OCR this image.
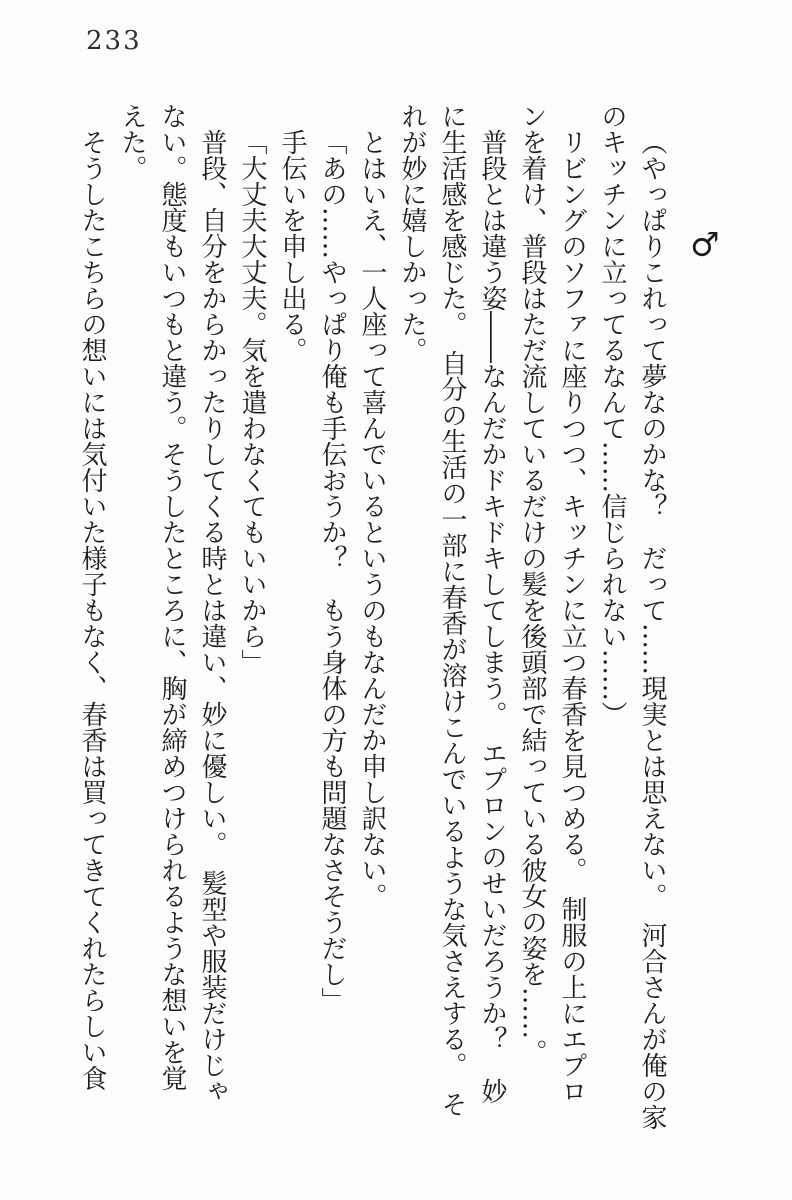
233
♂
（やっぱりこれって夢なのかな？　だって……現実とは思えない。　河合さんが俺の家
のキッチンに立ってるなんて……信じられない……）
リビングのソファに座りつつ、キッチンに立つ春香を見つめる。　制服の上にエプロ
ンを着け、普段はただ流しているだけの髪を後頭部で結っている彼女の姿を……。
普段とは違う姿――なんだかドキドキしてしまう。　エプロンのせいだろうか？　妙
に生活感を感じた。　自分の生活の一部に春香が溶けこんでいるような気さえする。　そ
れが妙に嬉しかった。
とはいえ、一人座って喜んでいるというのもなんだか申し訳ない。
「あの……やっぱり俺も手伝おうか？　もう身体の方も問題なさそうだし」
手伝いを申し出る。
「大丈夫大丈夫。気を遣わなくてもいいから」
普段、自分をからかったりしてくる時とは違い、妙に優しい。　髪型や服装だけじゃ
ない。態度もいつもと違う。そうしたところに、胸が締めつけられるような想いを覚
えた。
そうしたこちらの想いには気付いた様子もなく、春香は買ってきてくれたらしい食
